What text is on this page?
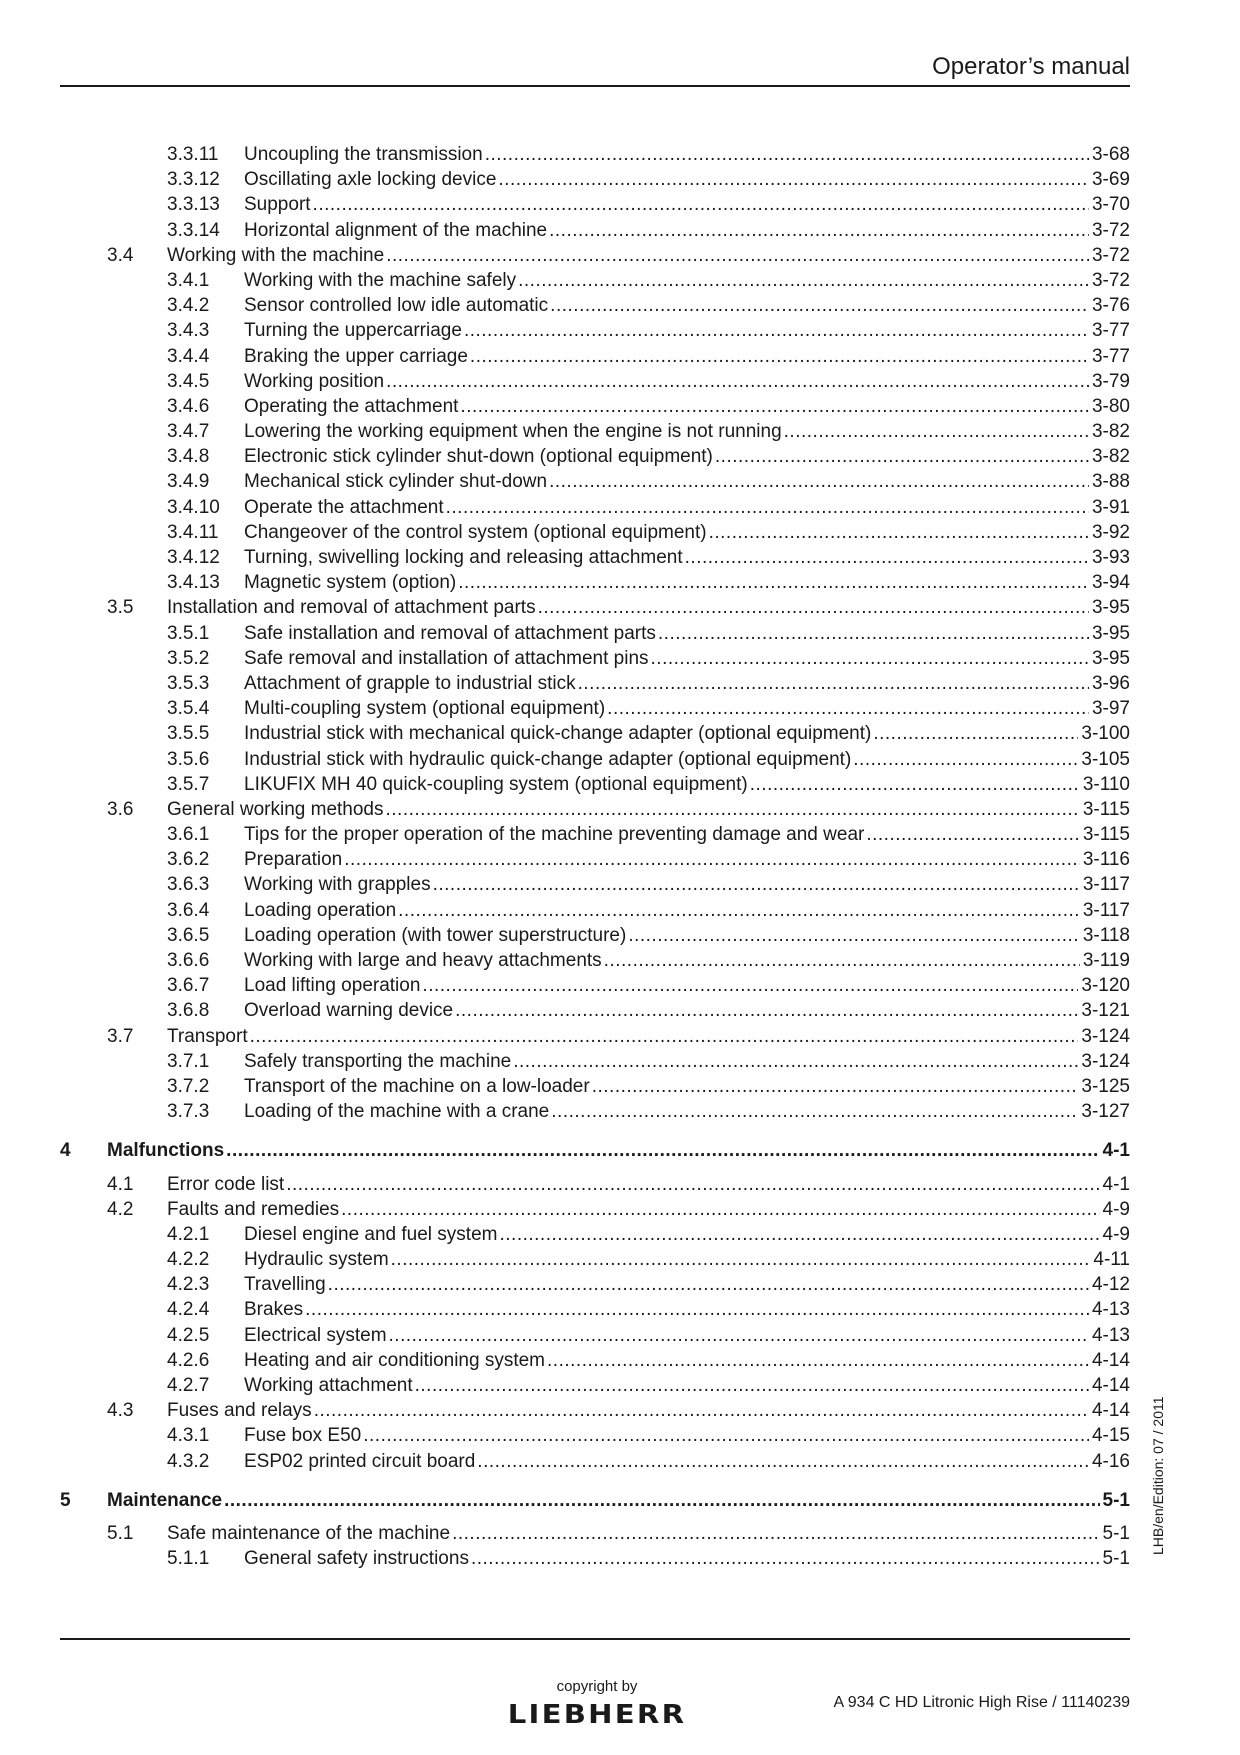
Operator’s manual
3.3.11 Uncoupling the transmission .....	3-68
3.3.12 Oscillating axle locking device .....	3-69
3.3.13 Support .....	3-70
3.3.14 Horizontal alignment of the machine .....	3-72
3.4 Working with the machine .....	3-72
3.4.1 Working with the machine safely .....	3-72
3.4.2 Sensor controlled low idle automatic .....	3-76
3.4.3 Turning the uppercarriage .....	3-77
3.4.4 Braking the upper carriage .....	3-77
3.4.5 Working position .....	3-79
3.4.6 Operating the attachment .....	3-80
3.4.7 Lowering the working equipment when the engine is not running .....	3-82
3.4.8 Electronic stick cylinder shut-down (optional equipment) .....	3-82
3.4.9 Mechanical stick cylinder shut-down .....	3-88
3.4.10 Operate the attachment .....	3-91
3.4.11 Changeover of the control system (optional equipment) .....	3-92
3.4.12 Turning, swivelling locking and releasing attachment .....	3-93
3.4.13 Magnetic system (option) .....	3-94
3.5 Installation and removal of attachment parts .....	3-95
3.5.1 Safe installation and removal of attachment parts .....	3-95
3.5.2 Safe removal and installation of attachment pins .....	3-95
3.5.3 Attachment of grapple to industrial stick .....	3-96
3.5.4 Multi-coupling system (optional equipment) .....	3-97
3.5.5 Industrial stick with mechanical quick-change adapter (optional equipment) .....	3-100
3.5.6 Industrial stick with hydraulic quick-change adapter (optional equipment) .....	3-105
3.5.7 LIKUFIX MH 40 quick-coupling system (optional equipment) .....	3-110
3.6 General working methods .....	3-115
3.6.1 Tips for the proper operation of the machine preventing damage and wear .....	3-115
3.6.2 Preparation .....	3-116
3.6.3 Working with grapples .....	3-117
3.6.4 Loading operation .....	3-117
3.6.5 Loading operation (with tower superstructure) .....	3-118
3.6.6 Working with large and heavy attachments .....	3-119
3.6.7 Load lifting operation .....	3-120
3.6.8 Overload warning device .....	3-121
3.7 Transport .....	3-124
3.7.1 Safely transporting the machine .....	3-124
3.7.2 Transport of the machine on a low-loader .....	3-125
3.7.3 Loading of the machine with a crane .....	3-127
4 Malfunctions .....	4-1
4.1 Error code list .....	4-1
4.2 Faults and remedies .....	4-9
4.2.1 Diesel engine and fuel system .....	4-9
4.2.2 Hydraulic system .....	4-11
4.2.3 Travelling .....	4-12
4.2.4 Brakes .....	4-13
4.2.5 Electrical system .....	4-13
4.2.6 Heating and air conditioning system .....	4-14
4.2.7 Working attachment .....	4-14
4.3 Fuses and relays .....	4-14
4.3.1 Fuse box E50 .....	4-15
4.3.2 ESP02 printed circuit board .....	4-16
5 Maintenance .....	5-1
5.1 Safe maintenance of the machine .....	5-1
5.1.1 General safety instructions .....	5-1
LHB/en/Edition: 07 / 2011
copyright by
LIEBHERR	A 934 C HD Litronic High Rise / 11140239
